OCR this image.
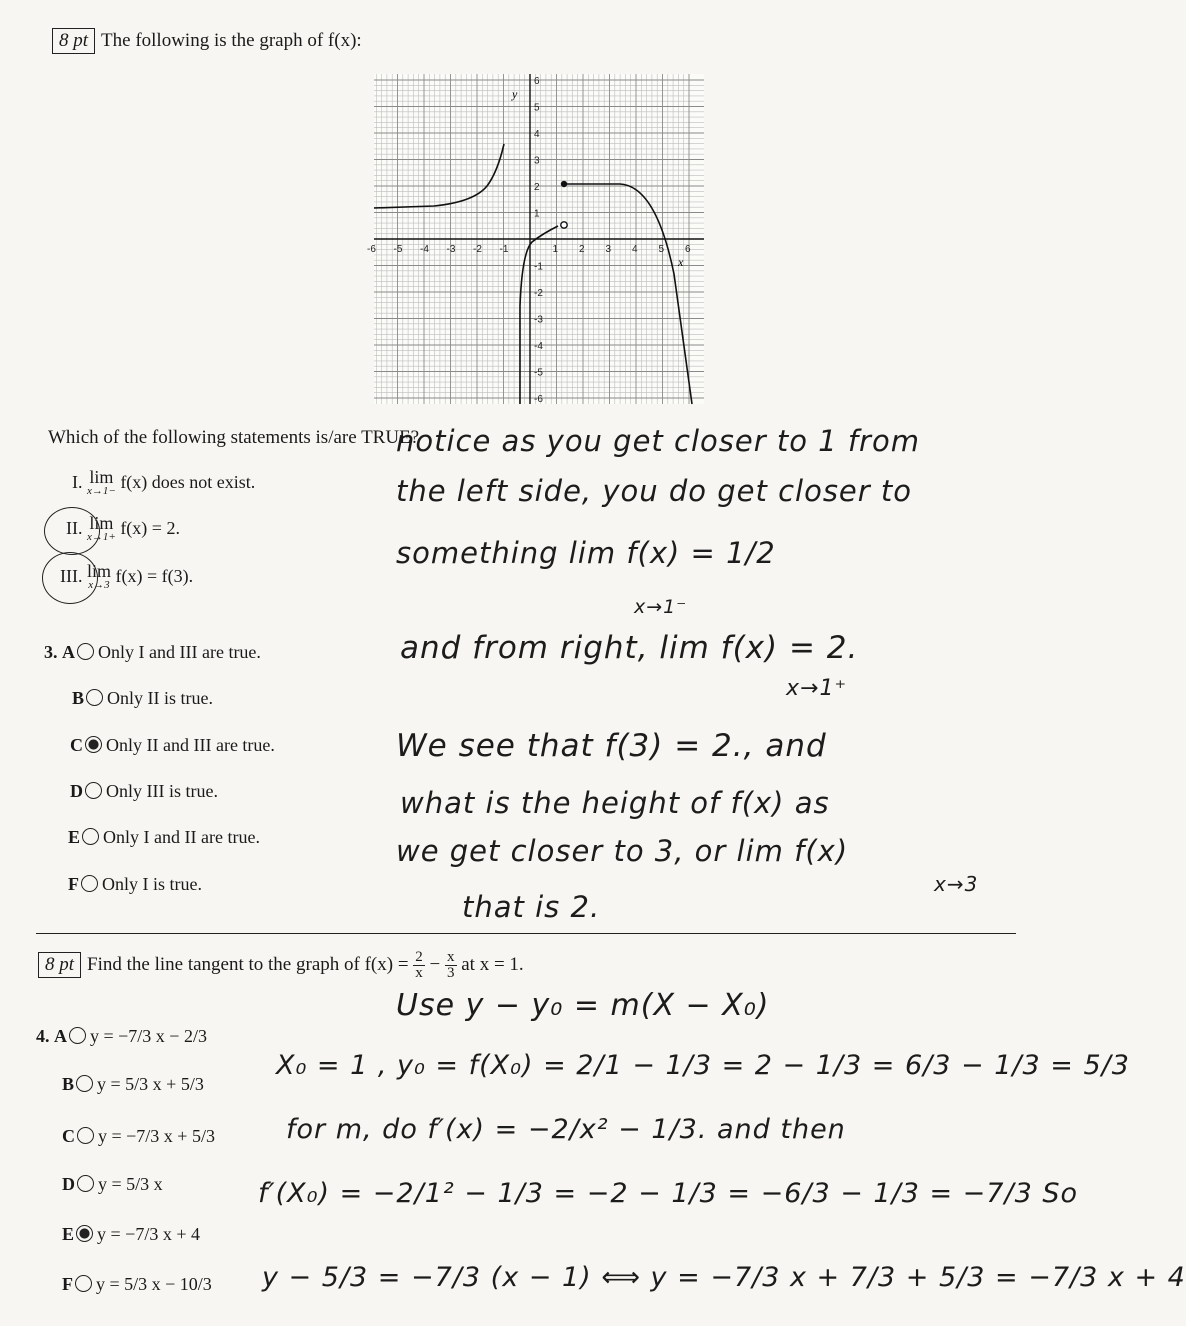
8 pt The following is the graph of f(x):
-6 -5 -4 -3 -2 -1	1 2 3 4 5 6
6
5
4
3
2
1
-1
-2
-3
-4
-5
-6
y
x
Which of the following statements is/are TRUE?
I. lim
x→1− f(x) does not exist.
II. lim
x→1+ f(x) = 2.
III. lim
x→3 f(x) = f(3).
3. A Only I and III are true.
B Only II is true.
C Only II and III are true.
D Only III is true.
E Only I and II are true.
F Only I is true.
notice as you get closer to 1 from
the left side, you do get closer to
something lim f(x) = 1/2
x→1⁻
and from right, lim f(x) = 2.
x→1⁺
We see that f(3) = 2., and
what is the height of f(x) as
we get closer to 3, or lim f(x)
x→3
that is 2.
8 pt Find the line tangent to the graph of $f(x) = \frac{2}{x} - \frac{x}{3}$ at x = 1.
4. A y = −7/3 x − 2/3
B y = 5/3 x + 5/3
C y = −7/3 x + 5/3
D y = 5/3 x
E y = −7/3 x + 4
F y = 5/3 x − 10/3
Use y − y₀ = m(X − X₀)
X₀ = 1 , y₀ = f(X₀) = 2/1 − 1/3 = 2 − 1/3 = 6/3 − 1/3 = 5/3
for m, do f′(x) = −2/x² − 1/3. and then
f′(X₀) = −2/1² − 1/3 = −2 − 1/3 = −6/3 − 1/3 = −7/3 So
y − 5/3 = −7/3 (x − 1) ⟺ y = −7/3 x + 7/3 + 5/3 = −7/3 x + 4
